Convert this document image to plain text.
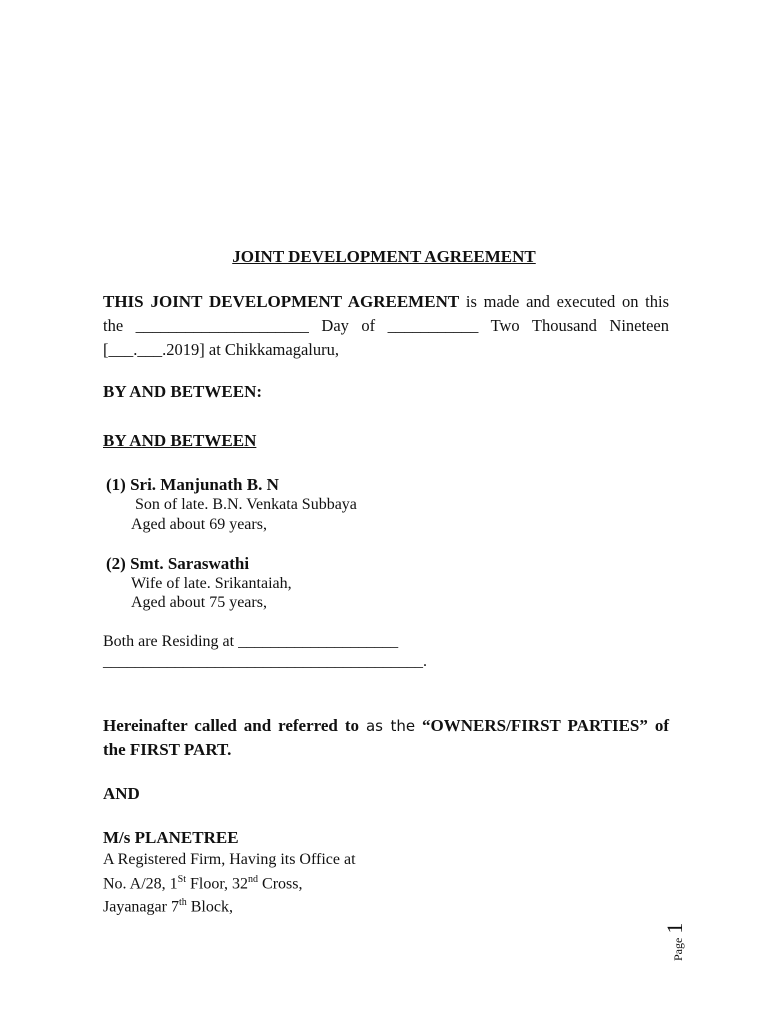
JOINT DEVELOPMENT AGREEMENT
THIS JOINT DEVELOPMENT AGREEMENT is made and executed on this the _____________________ Day of ___________ Two Thousand Nineteen [___.___.2019] at Chikkamagaluru,
BY AND BETWEEN:
BY AND BETWEEN
(1) Sri. Manjunath B. N
Son of late. B.N. Venkata Subbaya
Aged about 69 years,
(2) Smt. Saraswathi
Wife of late. Srikantaiah,
Aged about 75 years,
Both are Residing at ____________________
________________________________________.
Hereinafter called and referred to as the “OWNERS/FIRST PARTIES” of the FIRST PART.
AND
M/s PLANETREE
A Registered Firm, Having its Office at
No. A/28, 1St Floor, 32nd Cross,
Jayanagar 7th Block,
Page 1
